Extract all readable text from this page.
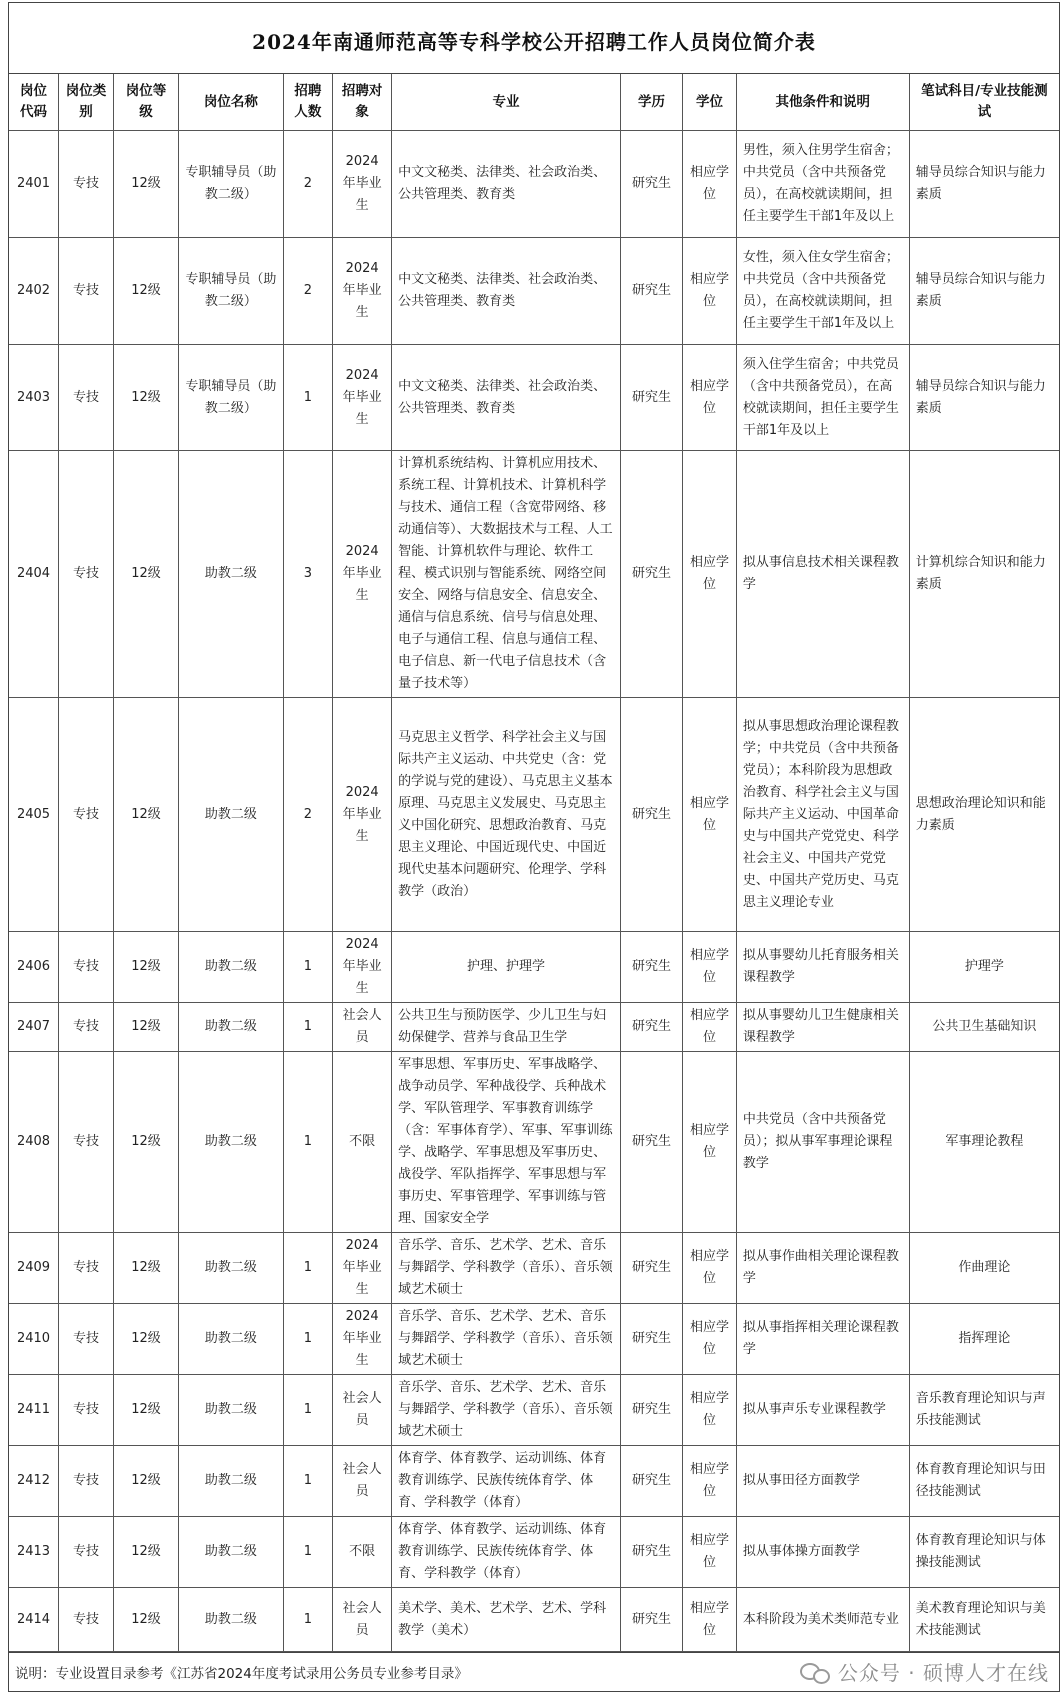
2024年南通师范高等专科学校公开招聘工作人员岗位简介表
岗位代码	岗位类别	岗位等级	岗位名称	招聘人数	招聘对象	专业	学历	学位	其他条件和说明	笔试科目/专业技能测试
2401	专技	12级	专职辅导员（助教二级）	2	2024年毕业生	中文文秘类、法律类、社会政治类、公共管理类、教育类	研究生	相应学位	男性，须入住男学生宿舍；中共党员（含中共预备党员），在高校就读期间，担任主要学生干部1年及以上	辅导员综合知识与能力素质
2402	专技	12级	专职辅导员（助教二级）	2	2024年毕业生	中文文秘类、法律类、社会政治类、公共管理类、教育类	研究生	相应学位	女性，须入住女学生宿舍；中共党员（含中共预备党员），在高校就读期间，担任主要学生干部1年及以上	辅导员综合知识与能力素质
2403	专技	12级	专职辅导员（助教二级）	1	2024年毕业生	中文文秘类、法律类、社会政治类、公共管理类、教育类	研究生	相应学位	须入住学生宿舍；中共党员（含中共预备党员），在高校就读期间，担任主要学生干部1年及以上	辅导员综合知识与能力素质
2404	专技	12级	助教二级	3	2024年毕业生	计算机系统结构、计算机应用技术、系统工程、计算机技术、计算机科学与技术、通信工程（含宽带网络、移动通信等）、大数据技术与工程、人工智能、计算机软件与理论、软件工程、模式识别与智能系统、网络空间安全、网络与信息安全、信息安全、通信与信息系统、信号与信息处理、电子与通信工程、信息与通信工程、电子信息、新一代电子信息技术（含量子技术等）	研究生	相应学位	拟从事信息技术相关课程教学	计算机综合知识和能力素质
2405	专技	12级	助教二级	2	2024年毕业生	马克思主义哲学、科学社会主义与国际共产主义运动、中共党史（含：党的学说与党的建设）、马克思主义基本原理、马克思主义发展史、马克思主义中国化研究、思想政治教育、马克思主义理论、中国近现代史、中国近现代史基本问题研究、伦理学、学科教学（政治）	研究生	相应学位	拟从事思想政治理论课程教学；中共党员（含中共预备党员）；本科阶段为思想政治教育、科学社会主义与国际共产主义运动、中国革命史与中国共产党党史、科学社会主义、中国共产党党史、中国共产党历史、马克思主义理论专业	思想政治理论知识和能力素质
2406	专技	12级	助教二级	1	2024年毕业生	护理、护理学	研究生	相应学位	拟从事婴幼儿托育服务相关课程教学	护理学
2407	专技	12级	助教二级	1	社会人员	公共卫生与预防医学、少儿卫生与妇幼保健学、营养与食品卫生学	研究生	相应学位	拟从事婴幼儿卫生健康相关课程教学	公共卫生基础知识
2408	专技	12级	助教二级	1	不限	军事思想、军事历史、军事战略学、战争动员学、军种战役学、兵种战术学、军队管理学、军事教育训练学（含：军事体育学）、军事、军事训练学、战略学、军事思想及军事历史、战役学、军队指挥学、军事思想与军事历史、军事管理学、军事训练与管理、国家安全学	研究生	相应学位	中共党员（含中共预备党员）；拟从事军事理论课程教学	军事理论教程
2409	专技	12级	助教二级	1	2024年毕业生	音乐学、音乐、艺术学、艺术、音乐与舞蹈学、学科教学（音乐）、音乐领域艺术硕士	研究生	相应学位	拟从事作曲相关理论课程教学	作曲理论
2410	专技	12级	助教二级	1	2024年毕业生	音乐学、音乐、艺术学、艺术、音乐与舞蹈学、学科教学（音乐）、音乐领域艺术硕士	研究生	相应学位	拟从事指挥相关理论课程教学	指挥理论
2411	专技	12级	助教二级	1	社会人员	音乐学、音乐、艺术学、艺术、音乐与舞蹈学、学科教学（音乐）、音乐领域艺术硕士	研究生	相应学位	拟从事声乐专业课程教学	音乐教育理论知识与声乐技能测试
2412	专技	12级	助教二级	1	社会人员	体育学、体育教学、运动训练、体育教育训练学、民族传统体育学、体育、学科教学（体育）	研究生	相应学位	拟从事田径方面教学	体育教育理论知识与田径技能测试
2413	专技	12级	助教二级	1	不限	体育学、体育教学、运动训练、体育教育训练学、民族传统体育学、体育、学科教学（体育）	研究生	相应学位	拟从事体操方面教学	体育教育理论知识与体操技能测试
2414	专技	12级	助教二级	1	社会人员	美术学、美术、艺术学、艺术、学科教学（美术）	研究生	相应学位	本科阶段为美术类师范专业	美术教育理论知识与美术技能测试
说明：专业设置目录参考《江苏省2024年度考试录用公务员专业参考目录》	公众号 · 硕博人才在线
